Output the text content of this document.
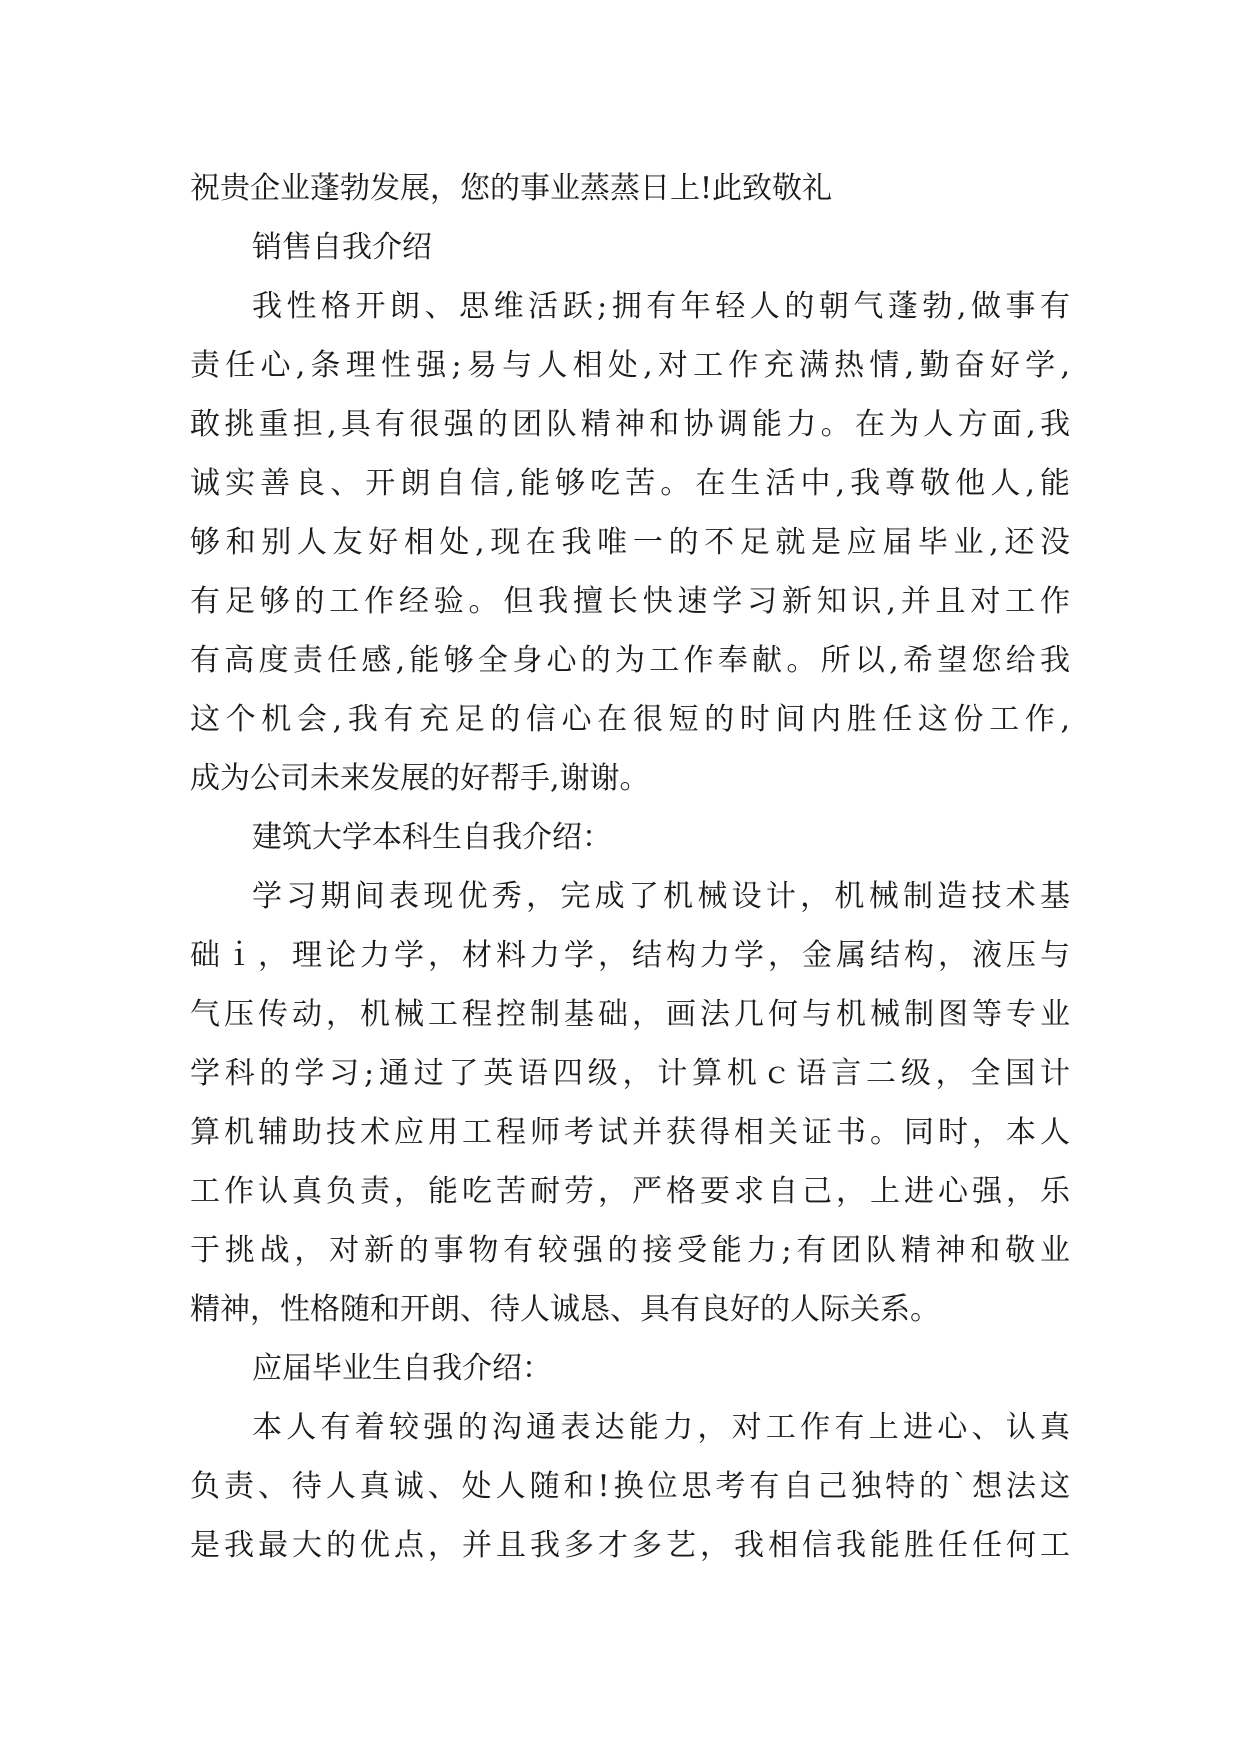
祝贵企业蓬勃发展，您的事业蒸蒸日上!此致敬礼
销售自我介绍
我性格开朗、思维活跃;拥有年轻人的朝气蓬勃,做事有
责任心,条理性强;易与人相处,对工作充满热情,勤奋好学,
敢挑重担,具有很强的团队精神和协调能力。在为人方面,我
诚实善良、开朗自信,能够吃苦。在生活中,我尊敬他人,能
够和别人友好相处,现在我唯一的不足就是应届毕业,还没
有足够的工作经验。但我擅长快速学习新知识,并且对工作
有高度责任感,能够全身心的为工作奉献。所以,希望您给我
这个机会,我有充足的信心在很短的时间内胜任这份工作,
成为公司未来发展的好帮手,谢谢。
建筑大学本科生自我介绍：
学习期间表现优秀，完成了机械设计，机械制造技术基
础ｉ，理论力学，材料力学，结构力学，金属结构，液压与
气压传动，机械工程控制基础，画法几何与机械制图等专业
学科的学习;通过了英语四级，计算机ｃ语言二级，全国计
算机辅助技术应用工程师考试并获得相关证书。同时，本人
工作认真负责，能吃苦耐劳，严格要求自己，上进心强，乐
于挑战，对新的事物有较强的接受能力;有团队精神和敬业
精神，性格随和开朗、待人诚恳、具有良好的人际关系。
应届毕业生自我介绍：
本人有着较强的沟通表达能力，对工作有上进心、认真
负责、待人真诚、处人随和!换位思考有自己独特的`想法这
是我最大的优点，并且我多才多艺，我相信我能胜任任何工
